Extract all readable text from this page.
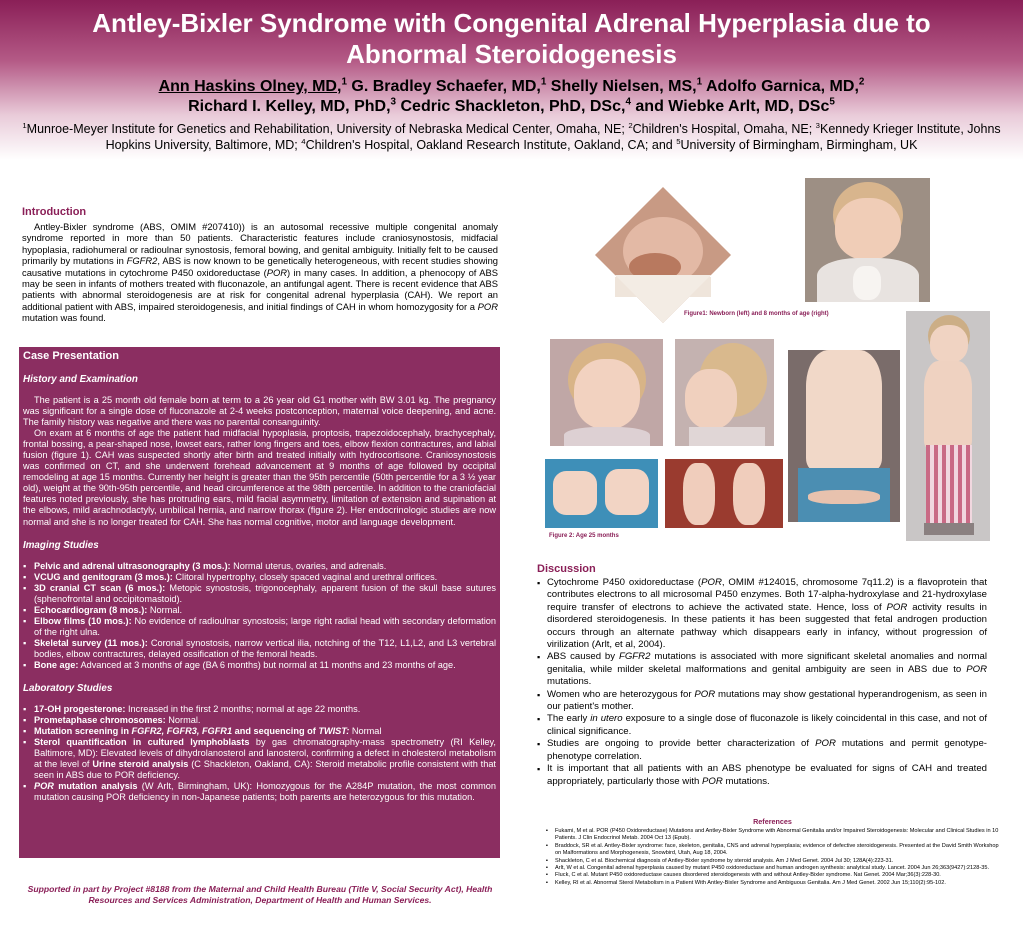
Antley-Bixler Syndrome with Congenital Adrenal Hyperplasia due to
Abnormal Steroidogenesis
Ann Haskins Olney, MD,$^1$ G. Bradley Schaefer, MD,$^1$ Shelly Nielsen, MS,$^1$ Adolfo Garnica, MD,$^2$
Richard I. Kelley, MD, PhD,$^3$ Cedric Shackleton, PhD, DSc,$^4$ and Wiebke Arlt, MD, DSc$^5$
$^1$Munroe-Meyer Institute for Genetics and Rehabilitation, University of Nebraska Medical Center, Omaha, NE; $^2$Children's Hospital, Omaha, NE; $^3$Kennedy Krieger Institute, Johns Hopkins University, Baltimore, MD; $^4$Children's Hospital, Oakland Research Institute, Oakland, CA; and $^5$University of Birmingham, Birmingham, UK
Introduction

Antley-Bixler syndrome (ABS, OMIM #207410)) is an autosomal recessive multiple congenital anomaly syndrome reported in more than 50 patients. Characteristic features include craniosynostosis, midfacial hypoplasia, radiohumeral or radioulnar synostosis, femoral bowing, and genital ambiguity. Initially felt to be caused primarily by mutations in FGFR2, ABS is now known to be genetically heterogeneous, with recent studies showing causative mutations in cytochrome P450 oxidoreductase (POR) in many cases. In addition, a phenocopy of ABS may be seen in infants of mothers treated with fluconazole, an antifungal agent. There is recent evidence that ABS patients with abnormal steroidogenesis are at risk for congenital adrenal hyperplasia (CAH). We report an additional patient with ABS, impaired steroidogenesis, and initial findings of CAH in whom homozygosity for a POR mutation was found.

Case Presentation
History and Examination

The patient is a 25 month old female born at term to a 26 year old G1 mother with BW 3.01 kg. The pregnancy was significant for a single dose of fluconazole at 2-4 weeks postconception, maternal voice deepening, and acne. The family history was negative and there was no parental consanguinity.

On exam at 6 months of age the patient had midfacial hypoplasia, proptosis, trapezoidocephaly, brachycephaly, frontal bossing, a pear-shaped nose, lowset ears, rather long fingers and toes, elbow flexion contractures, and labial fusion (figure 1). CAH was suspected shortly after birth and treated initially with hydrocortisone. Craniosynostosis was confirmed on CT, and she underwent forehead advancement at 9 months of age followed by occipital remodeling at age 15 months. Currently her height is greater than the 95th percentile (50th percentile for a 3 ½ year old), weight at the 90th-95th percentile, and head circumference at the 98th percentile. In addition to the craniofacial features noted previously, she has protruding ears, mild facial asymmetry, limitation of extension and supination at the elbows, mild arachnodactyly, umbilical hernia, and narrow thorax (figure 2). Her endocrinologic studies are now normal and she is no longer treated for CAH. She has normal cognitive, motor and language development.

Imaging Studies
▪ Pelvic and adrenal ultrasonography (3 mos.): Normal uterus, ovaries, and adrenals.
▪ VCUG and genitogram (3 mos.): Clitoral hypertrophy, closely spaced vaginal and urethral orifices.
▪ 3D cranial CT scan (6 mos.): Metopic synostosis, trigonocephaly, apparent fusion of the skull base sutures (sphenofrontal and occipitomastoid).
▪ Echocardiogram (8 mos.): Normal.
▪ Elbow films (10 mos.): No evidence of radioulnar synostosis; large right radial head with secondary deformation of the right ulna.
▪ Skeletal survey (11 mos.): Coronal synostosis, narrow vertical ilia, notching of the T12, L1,L2, and L3 vertebral bodies, elbow contractures, delayed ossification of the femoral heads.
▪ Bone age: Advanced at 3 months of age (BA 6 months) but normal at 11 months and 23 months of age.
Laboratory Studies
▪ 17-OH progesterone: Increased in the first 2 months; normal at age 22 months.
▪ Prometaphase chromosomes: Normal.
▪ Mutation screening in FGFR2, FGFR3, FGFR1 and sequencing of TWIST: Normal
▪ Sterol quantification in cultured lymphoblasts by gas chromatography-mass spectrometry (RI Kelley, Baltimore, MD): Elevated levels of dihydrolanosterol and lanosterol, confirming a defect in cholesterol metabolism at the level of Urine steroid analysis (C Shackleton, Oakland, CA): Steroid metabolic profile consistent with that seen in ABS due to POR deficiency.
▪ POR mutation analysis (W Arlt, Birmingham, UK): Homozygous for the A284P mutation, the most common mutation causing POR deficiency in non-Japanese patients; both parents are heterozygous for this mutation.
Supported in part by Project #8188 from the Maternal and Child Health Bureau (Title V, Social Security Act), Health Resources and Services Administration, Department of Health and Human Services.
Figure1: Newborn (left) and 8 months of age (right)
Figure 2: Age 25 months
Discussion
▪ Cytochrome P450 oxidoreductase (POR, OMIM #124015, chromosome 7q11.2) is a flavoprotein that contributes electrons to all microsomal P450 enzymes. Both 17-alpha-hydroxylase and 21-hydroxylase require transfer of electrons to achieve the activated state. Hence, loss of POR activity results in disordered steroidogenesis. In these patients it has been suggested that fetal androgen production occurs through an alternate pathway which disappears early in infancy, without progression of virilization (Arlt, et al, 2004).
▪ ABS caused by FGFR2 mutations is associated with more significant skeletal anomalies and normal genitalia, while milder skeletal malformations and genital ambiguity are seen in ABS due to POR mutations.
▪ Women who are heterozygous for POR mutations may show gestational hyperandrogenism, as seen in our patient's mother.
▪ The early in utero exposure to a single dose of fluconazole is likely coincidental in this case, and not of clinical significance.
▪ Studies are ongoing to provide better characterization of POR mutations and permit genotype-phenotype correlation.
▪ It is important that all patients with an ABS phenotype be evaluated for signs of CAH and treated appropriately, particularly those with POR mutations.
References
▪ Fukami, M et al. POR (P450 Oxidoreductase) Mutations and Antley-Bixler Syndrome with Abnormal Genitalia and/or Impaired Steroidogenesis: Molecular and Clinical Studies in 10 Patients. J Clin Endocrinol Metab. 2004 Oct 13 (Epub).
▪ Braddock, SR et al. Antley-Bixler syndrome: face, skeleton, genitalia, CNS and adrenal hyperplasia; evidence of defective steroidogenesis. Presented at the David Smith Workshop on Malformations and Morphogenesis, Snowbird, Utah, Aug 18, 2004.
▪ Shackleton, C et al. Biochemical diagnosis of Antley-Bixler syndrome by steroid analysis. Am J Med Genet. 2004 Jul 30; 128A(4):223-31.
▪ Arlt, W et al. Congenital adrenal hyperplasia caused by mutant P450 oxidoreductase and human androgen synthesis: analytical study. Lancet. 2004 Jun 26;363(9427):2128-35.
▪ Fluck, C et al. Mutant P450 oxidoreductase causes disordered steroidogenesis with and without Antley-Bixler syndrome. Nat Genet. 2004 Mar;36(3):228-30.
▪ Kelley, RI et al. Abnormal Sterol Metabolism in a Patient With Antley-Bixler Syndrome and Ambiguous Genitalia. Am J Med Genet. 2002 Jun 15;110(2):95-102.
